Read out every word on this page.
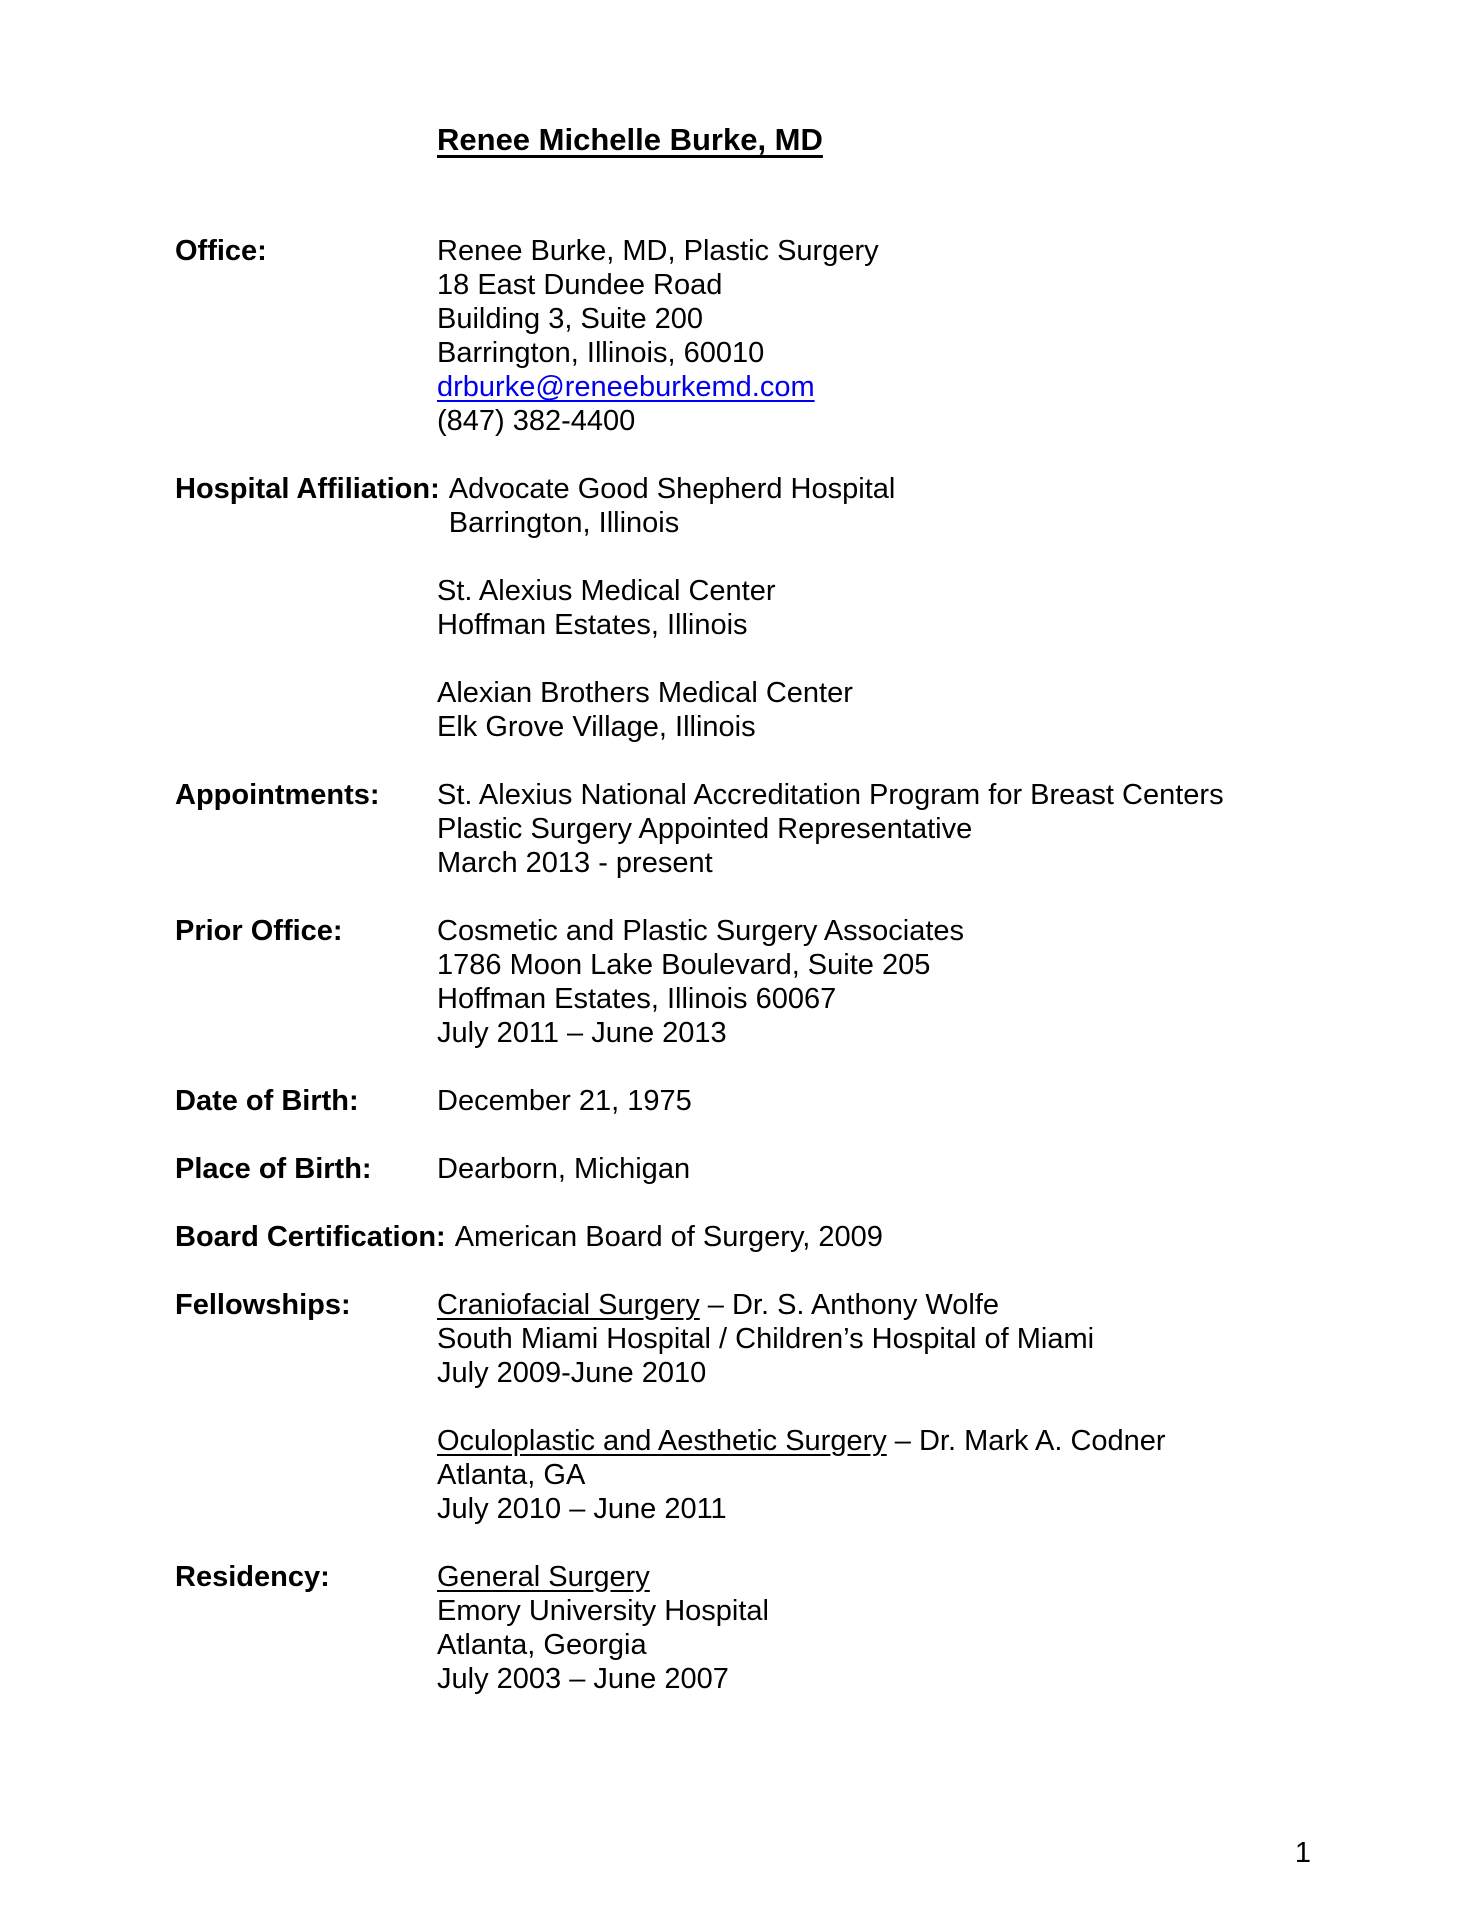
Renee Michelle Burke, MD
Office:	Renee Burke, MD, Plastic Surgery
18 East Dundee Road
Building 3, Suite 200
Barrington, Illinois, 60010
drburke@reneeburkemd.com
(847) 382-4400
Hospital Affiliation: Advocate Good Shepherd Hospital
Barrington, Illinois
St. Alexius Medical Center
Hoffman Estates, Illinois
Alexian Brothers Medical Center
Elk Grove Village, Illinois
Appointments:	St. Alexius National Accreditation Program for Breast Centers
Plastic Surgery Appointed Representative
March 2013 - present
Prior Office:	Cosmetic and Plastic Surgery Associates
1786 Moon Lake Boulevard, Suite 205
Hoffman Estates, Illinois 60067
July 2011 – June 2013
Date of Birth:	December 21, 1975
Place of Birth:	Dearborn, Michigan
Board Certification: American Board of Surgery, 2009
Fellowships:	Craniofacial Surgery – Dr. S. Anthony Wolfe
South Miami Hospital / Children’s Hospital of Miami
July 2009-June 2010
Oculoplastic and Aesthetic Surgery – Dr. Mark A. Codner
Atlanta, GA
July 2010 – June 2011
Residency:	General Surgery
Emory University Hospital
Atlanta, Georgia
July 2003 – June 2007
1
